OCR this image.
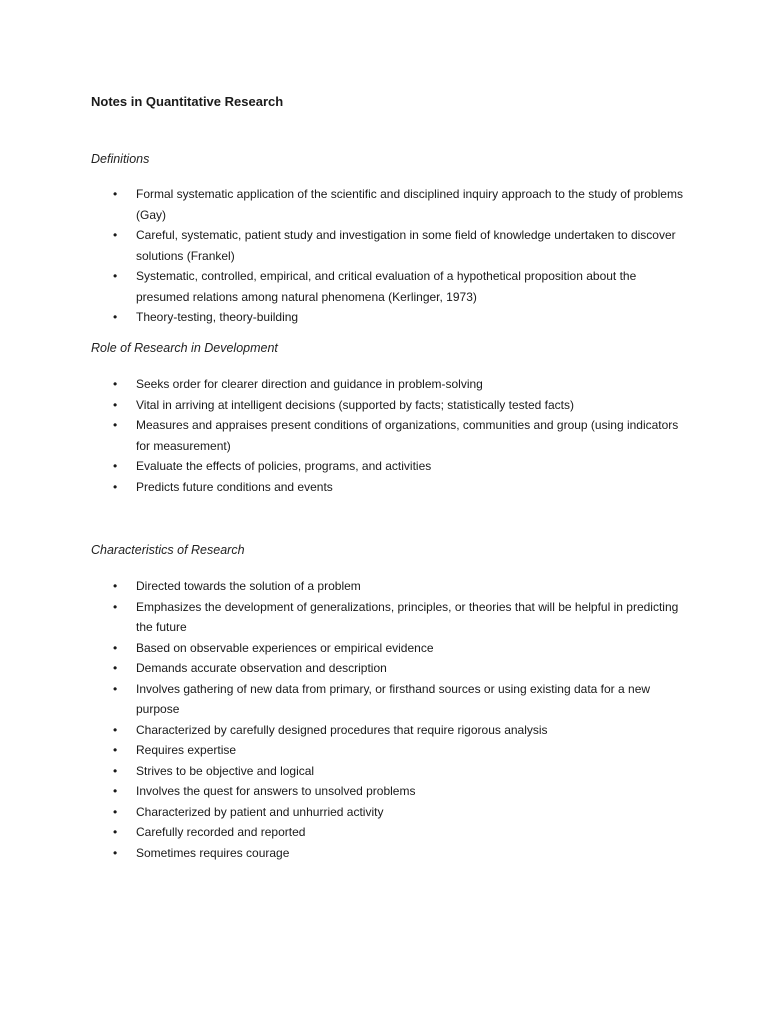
Notes in Quantitative Research
Definitions
•	Formal systematic application of the scientific and disciplined inquiry approach to the study of problems (Gay)
•	Careful, systematic, patient study and investigation in some field of knowledge undertaken to discover solutions (Frankel)
•	Systematic, controlled, empirical, and critical evaluation of a hypothetical proposition about the presumed relations among natural phenomena (Kerlinger, 1973)
•	Theory-testing, theory-building
Role of Research in Development
•	Seeks order for clearer direction and guidance in problem-solving
•	Vital in arriving at intelligent decisions (supported by facts; statistically tested facts)
•	Measures and appraises present conditions of organizations, communities and group (using indicators for measurement)
•	Evaluate the effects of policies, programs, and activities
•	Predicts future conditions and events
Characteristics of Research
•	Directed towards the solution of a problem
•	Emphasizes the development of generalizations, principles, or theories that will be helpful in predicting the future
•	Based on observable experiences or empirical evidence
•	Demands accurate observation and description
•	Involves gathering of new data from primary, or firsthand sources or using existing data for a new purpose
•	Characterized by carefully designed procedures that require rigorous analysis
•	Requires expertise
•	Strives to be objective and logical
•	Involves the quest for answers to unsolved problems
•	Characterized by patient and unhurried activity
•	Carefully recorded and reported
•	Sometimes requires courage
